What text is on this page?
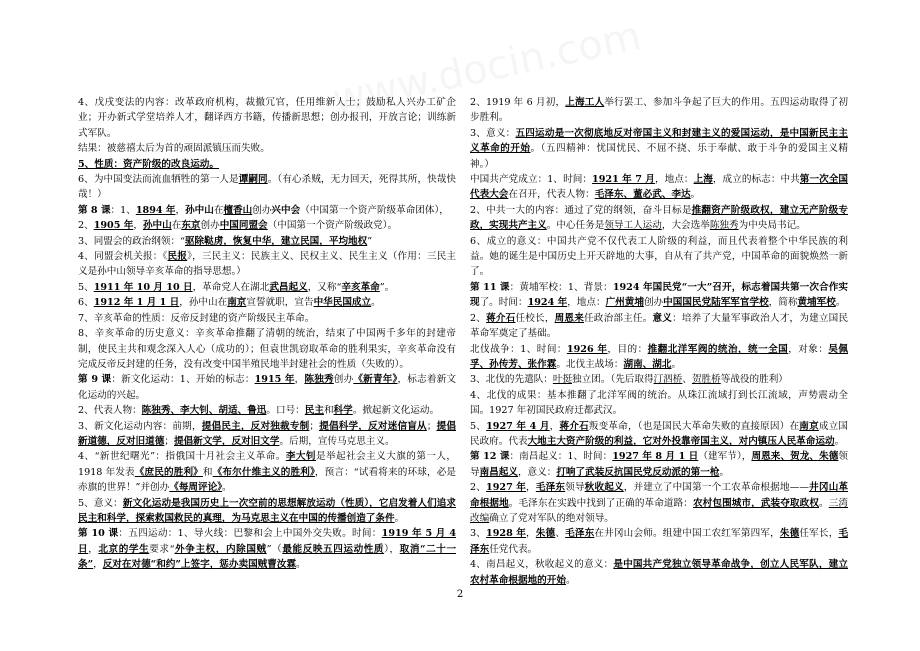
4、戊戌变法的内容：改革政府机构，裁撤冗官，任用维新人士；鼓励私人兴办工矿企业；开办新式学堂培养人才，翻译西方书籍，传播新思想；创办报刊，开放言论；训练新式军队。

结果：被慈禧太后为首的顽固派镇压而失败。

5、性质：资产阶级的改良运动。

6、为中国变法而流血牺牲的第一人是谭嗣同。（有心杀贼，无力回天，死得其所，快哉快哉！）

第 8 课：1、1894 年，孙中山在檀香山创办兴中会（中国第一个资产阶级革命团体），

2、1905 年，孙中山在东京创办中国同盟会（中国第一个资产阶级政党）。

3、同盟会的政治纲领：“驱除鞑虏，恢复中华，建立民国，平均地权”

4、同盟会机关报：《民报》，三民主义：民族主义、民权主义、民生主义（作用：三民主义是孙中山领导辛亥革命的指导思想。）

5、1911 年 10 月 10 日，革命党人在湖北武昌起义，又称“辛亥革命”。

6、1912 年 1 月 1 日，孙中山在南京宣誓就职，宣告中华民国成立。

7、辛亥革命的性质：反帝反封建的资产阶级民主革命。

8、辛亥革命的历史意义：辛亥革命推翻了清朝的统治，结束了中国两千多年的封建帝制，使民主共和观念深入人心（成功的）；但袁世凯窃取革命的胜利果实，辛亥革命没有完成反帝反封建的任务，没有改变中国半殖民地半封建社会的性质（失败的）。

第 9 课：新文化运动：1、开始的标志：1915 年，陈独秀创办《新青年》，标志着新文化运动的兴起。

2、代表人物：陈独秀、李大钊、胡适、鲁迅。口号：民主和科学。掀起新文化运动。

3、新文化运动内容：前期，提倡民主，反对独裁专制；提倡科学，反对迷信盲从；提倡新道德，反对旧道德；提倡新文学，反对旧文学。后期，宣传马克思主义。

4、“新世纪曙光”：指俄国十月社会主义革命。李大钊是举起社会主义大旗的第一人，1918 年发表《庶民的胜利》和《布尔什维主义的胜利》，预言：“试看将来的环球，必是赤旗的世界！”并创办《每周评论》。

5、意义：新文化运动是我国历史上一次空前的思想解放运动（性质），它启发着人们追求民主和科学，探索救国救民的真理，为马克思主义在中国的传播创造了条件。

第 10 课：五四运动：1、导火线：巴黎和会上中国外交失败。时间：1919 年 5 月 4 日，北京的学生要求“外争主权，内除国贼”（最能反映五四运动性质），取消“二十一条”，反对在对德“和约”上签字，惩办卖国贼曹汝霖。

2、1919 年 6 月初，上海工人举行罢工、参加斗争起了巨大的作用。五四运动取得了初步胜利。

3、意义：五四运动是一次彻底地反对帝国主义和封建主义的爱国运动，是中国新民主主义革命的开始。（五四精神：忧国忧民、不屈不挠、乐于奉献、敢于斗争的爱国主义精神。）

中国共产党成立：1、时间：1921 年 7 月，地点：上海，成立的标志：中共第一次全国代表大会在召开，代表人物：毛泽东、董必武、李达。

2、中共一大的内容：通过了党的纲领，奋斗目标是推翻资产阶级政权，建立无产阶级专政，实现共产主义。中心任务是领导工人运动，大会选举陈独秀为中央局书记。

6、成立的意义：中国共产党不仅代表工人阶级的利益，而且代表着整个中华民族的利益。她的诞生是中国历史上开天辟地的大事，自从有了共产党，中国革命的面貌焕然一新了。

第 11 课：黄埔军校：1、背景：1924 年国民党“一大”召开，标志着国共第一次合作实现了。时间：1924 年，地点：广州黄埔创办中国国民党陆军军官学校，简称黄埔军校。

2、蒋介石任校长，周恩来任政治部主任。意义：培养了大量军事政治人才，为建立国民革命军奠定了基础。

北伐战争：1、时间：1926 年，目的：推翻北洋军阀的统治，统一全国，对象：吴佩孚、孙传芳、张作霖。北伐主战场：湖南、湖北。

3、北伐的先遣队：叶挺独立团。（先后取得汀泗桥、贺胜桥等战役的胜利）

4、北伐的成果：基本推翻了北洋军阀的统治。从珠江流域打到长江流域，声势震动全国。1927 年初国民政府迁都武汉。

5、1927 年 4 月，蒋介石叛变革命，（也是国民大革命失败的直接原因）在南京成立国民政府。代表大地主大资产阶级的利益，它对外投靠帝国主义，对内镇压人民革命运动。

第 12 课：南昌起义：1、时间：1927 年 8 月 1 日（建军节），周恩来、贺龙、朱德领导南昌起义，意义：打响了武装反抗国民党反动派的第一枪。

2、1927 年，毛泽东领导秋收起义，并建立了中国第一个工农革命根据地——井冈山革命根据地。毛泽东在实践中找到了正确的革命道路：农村包围城市，武装夺取政权。三湾改编确立了党对军队的绝对领导。

3、1928 年，朱德、毛泽东在井冈山会师。组建中国工农红军第四军，朱德任军长，毛泽东任党代表。

4、南昌起义，秋收起义的意义：是中国共产党独立领导革命战争，创立人民军队，建立农村革命根据地的开始。

2
